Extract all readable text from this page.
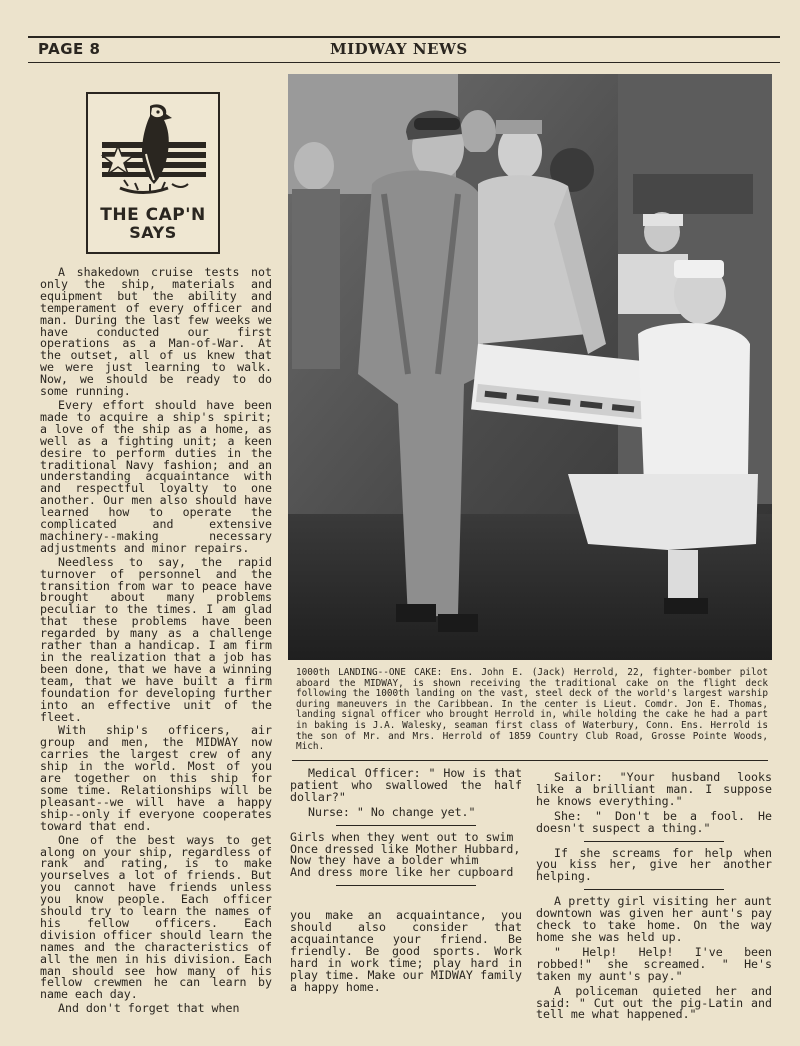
PAGE 8	MIDWAY NEWS
THE CAP'N
SAYS

A shakedown cruise tests not only the ship, materials and equipment but the ability and temperament of every officer and man. During the last few weeks we have conducted our first operations as a Man-of-War. At the outset, all of us knew that we were just learning to walk. Now, we should be ready to do some running.

Every effort should have been made to acquire a ship's spirit; a love of the ship as a home, as well as a fighting unit; a keen desire to perform duties in the traditional Navy fashion; and an understanding acquaintance with and respectful loyalty to one another. Our men also should have learned how to operate the complicated and extensive machinery--making necessary adjustments and minor repairs.

Needless to say, the rapid turnover of personnel and the transition from war to peace have brought about many problems peculiar to the times. I am glad that these problems have been regarded by many as a challenge rather than a handicap. I am firm in the realization that a job has been done, that we have a winning team, that we have built a firm foundation for developing further into an effective unit of the fleet.

With ship's officers, air group and men, the MIDWAY now carries the largest crew of any ship in the world. Most of you are together on this ship for some time. Relationships will be pleasant--we will have a happy ship--only if everyone cooperates toward that end.

One of the best ways to get along on your ship, regardless of rank and rating, is to make yourselves a lot of friends. But you cannot have friends unless you know people. Each officer should try to learn the names of his fellow officers. Each division officer should learn the names and the characteristics of all the men in his division. Each man should see how many of his fellow crewmen he can learn by name each day.

And don't forget that when

1000th LANDING--ONE CAKE: Ens. John E. (Jack) Herrold, 22, fighter-bomber pilot aboard the MIDWAY, is shown receiving the traditional cake on the flight deck following the 1000th landing on the vast, steel deck of the world's largest warship during maneuvers in the Caribbean. In the center is Lieut. Comdr. Jon E. Thomas, landing signal officer who brought Herrold in, while holding the cake he had a part in baking is J.A. Walesky, seaman first class of Waterbury, Conn. Ens. Herrold is the son of Mr. and Mrs. Herrold of 1859 Country Club Road, Grosse Pointe Woods, Mich.
Medical Officer: " How is that patient who swallowed the half dollar?"
Nurse: " No change yet."
Girls when they went out to swim
Once dressed like Mother Hubbard,
Now they have a bolder whim
And dress more like her cupboard
you make an acquaintance, you should also consider that acquaintance your friend. Be friendly. Be good sports. Work hard in work time; play hard in play time. Make our MIDWAY family a happy home.
Sailor: "Your husband looks like a brilliant man. I suppose he knows everything."
She: " Don't be a fool. He doesn't suspect a thing."
If she screams for help when you kiss her, give her another helping.
A pretty girl visiting her aunt downtown was given her aunt's pay check to take home. On the way home she was held up.
" Help! Help! I've been robbed!" she screamed. " He's taken my aunt's pay."
A policeman quieted her and said: " Cut out the pig-Latin and tell me what happened."
